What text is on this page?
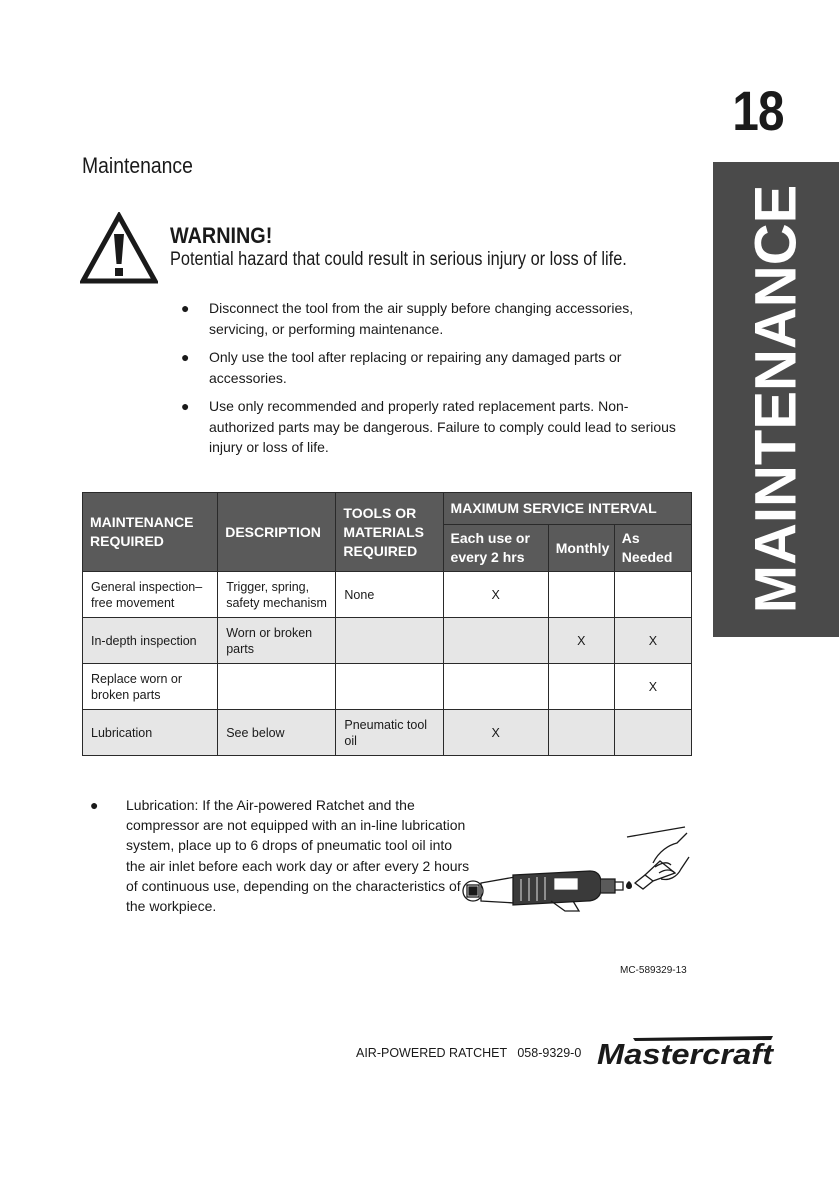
18
MAINTENANCE
Maintenance
WARNING!
Potential hazard that could result in serious injury or loss of life.
● Disconnect the tool from the air supply before changing accessories, servicing, or performing maintenance.
● Only use the tool after replacing or repairing any damaged parts or accessories.
● Use only recommended and properly rated replacement parts. Non-authorized parts may be dangerous. Failure to comply could lead to serious injury or loss of life.
MAINTENANCE REQUIRED	DESCRIPTION	TOOLS OR MATERIALS REQUIRED	MAXIMUM SERVICE INTERVAL		
			Each use or every 2 hrs	Monthly	As Needed
General inspection– free movement	Trigger, spring, safety mechanism	None	X		
In-depth inspection	Worn or broken parts			X	X
Replace worn or broken parts					X
Lubrication	See below	Pneumatic tool oil	X		
● Lubrication: If the Air-powered Ratchet and the compressor are not equipped with an in-line lubrication system, place up to 6 drops of pneumatic tool oil into the air inlet before each work day or after every 2 hours of continuous use, depending on the characteristics of the workpiece.
MC-589329-13
AIR-POWERED RATCHET   058-9329-0 Mastercraft
